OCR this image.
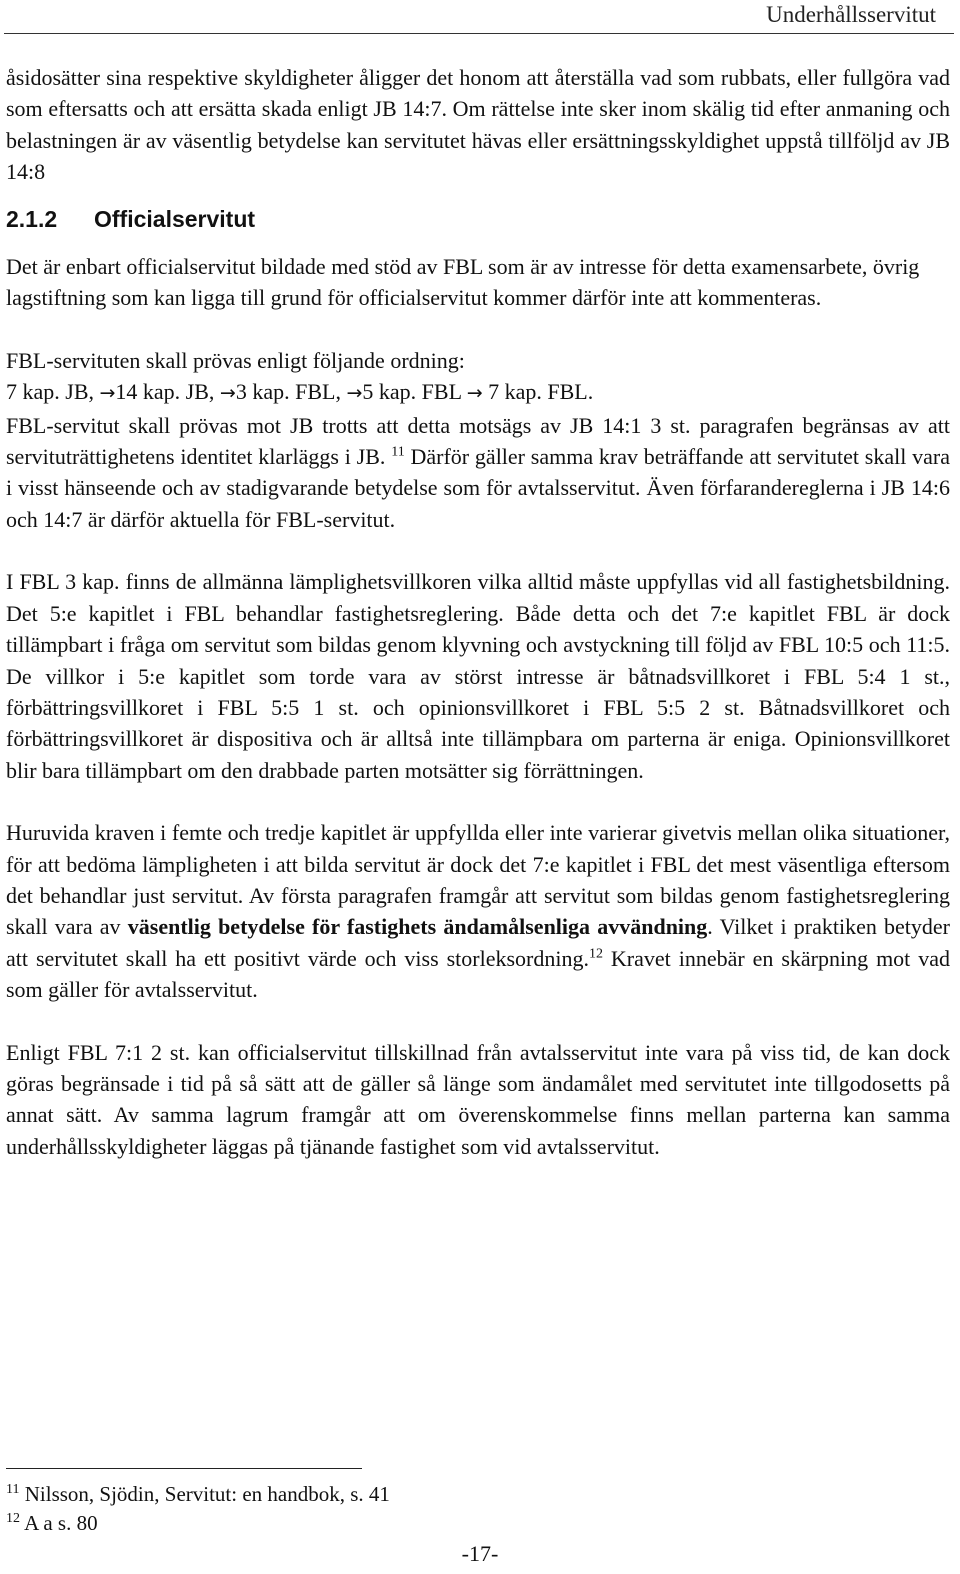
Underhållsservitut

åsidosätter sina respektive skyldigheter åligger det honom att återställa vad som rubbats, eller fullgöra vad som eftersatts och att ersätta skada enligt JB 14:7. Om rättelse inte sker inom skälig tid efter anmaning och belastningen är av väsentlig betydelse kan servitutet hävas eller ersättningsskyldighet uppstå tillföljd av JB 14:8

2.1.2 Officialservitut

Det är enbart officialservitut bildade med stöd av FBL som är av intresse för detta examensarbete, övrig lagstiftning som kan ligga till grund för officialservitut kommer därför inte att kommenteras.

FBL-servituten skall prövas enligt följande ordning:

7 kap. JB, →14 kap. JB, →3 kap. FBL, →5 kap. FBL → 7 kap. FBL.

FBL-servitut skall prövas mot JB trotts att detta motsägs av JB 14:1 3 st. paragrafen begränsas av att servituträttighetens identitet klarläggs i JB. $^{11}$ Därför gäller samma krav beträffande att servitutet skall vara i visst hänseende och av stadigvarande betydelse som för avtalsservitut. Även förfarandereglerna i JB 14:6 och 14:7 är därför aktuella för FBL-servitut.

I FBL 3 kap. finns de allmänna lämplighetsvillkoren vilka alltid måste uppfyllas vid all fastighetsbildning. Det 5:e kapitlet i FBL behandlar fastighetsreglering. Både detta och det 7:e kapitlet FBL är dock tillämpbart i fråga om servitut som bildas genom klyvning och avstyckning till följd av FBL 10:5 och 11:5. De villkor i 5:e kapitlet som torde vara av störst intresse är båtnadsvillkoret i FBL 5:4 1 st., förbättringsvillkoret i FBL 5:5 1 st. och opinionsvillkoret i FBL 5:5 2 st. Båtnadsvillkoret och förbättringsvillkoret är dispositiva och är alltså inte tillämpbara om parterna är eniga. Opinionsvillkoret blir bara tillämpbart om den drabbade parten motsätter sig förrättningen.

Huruvida kraven i femte och tredje kapitlet är uppfyllda eller inte varierar givetvis mellan olika situationer, för att bedöma lämpligheten i att bilda servitut är dock det 7:e kapitlet i FBL det mest väsentliga eftersom det behandlar just servitut. Av första paragrafen framgår att servitut som bildas genom fastighetsreglering skall vara av väsentlig betydelse för fastighets ändamålsenliga avvändning. Vilket i praktiken betyder att servitutet skall ha ett positivt värde och viss storleksordning.$^{12}$ Kravet innebär en skärpning mot vad som gäller för avtalsservitut.

Enligt FBL 7:1 2 st. kan officialservitut tillskillnad från avtalsservitut inte vara på viss tid, de kan dock göras begränsade i tid på så sätt att de gäller så länge som ändamålet med servitutet inte tillgodosetts på annat sätt. Av samma lagrum framgår att om överenskommelse finns mellan parterna kan samma underhållsskyldigheter läggas på tjänande fastighet som vid avtalsservitut.

$^{11}$ Nilsson, Sjödin, Servitut: en handbok, s. 41
$^{12}$ A a s. 80
-17-
